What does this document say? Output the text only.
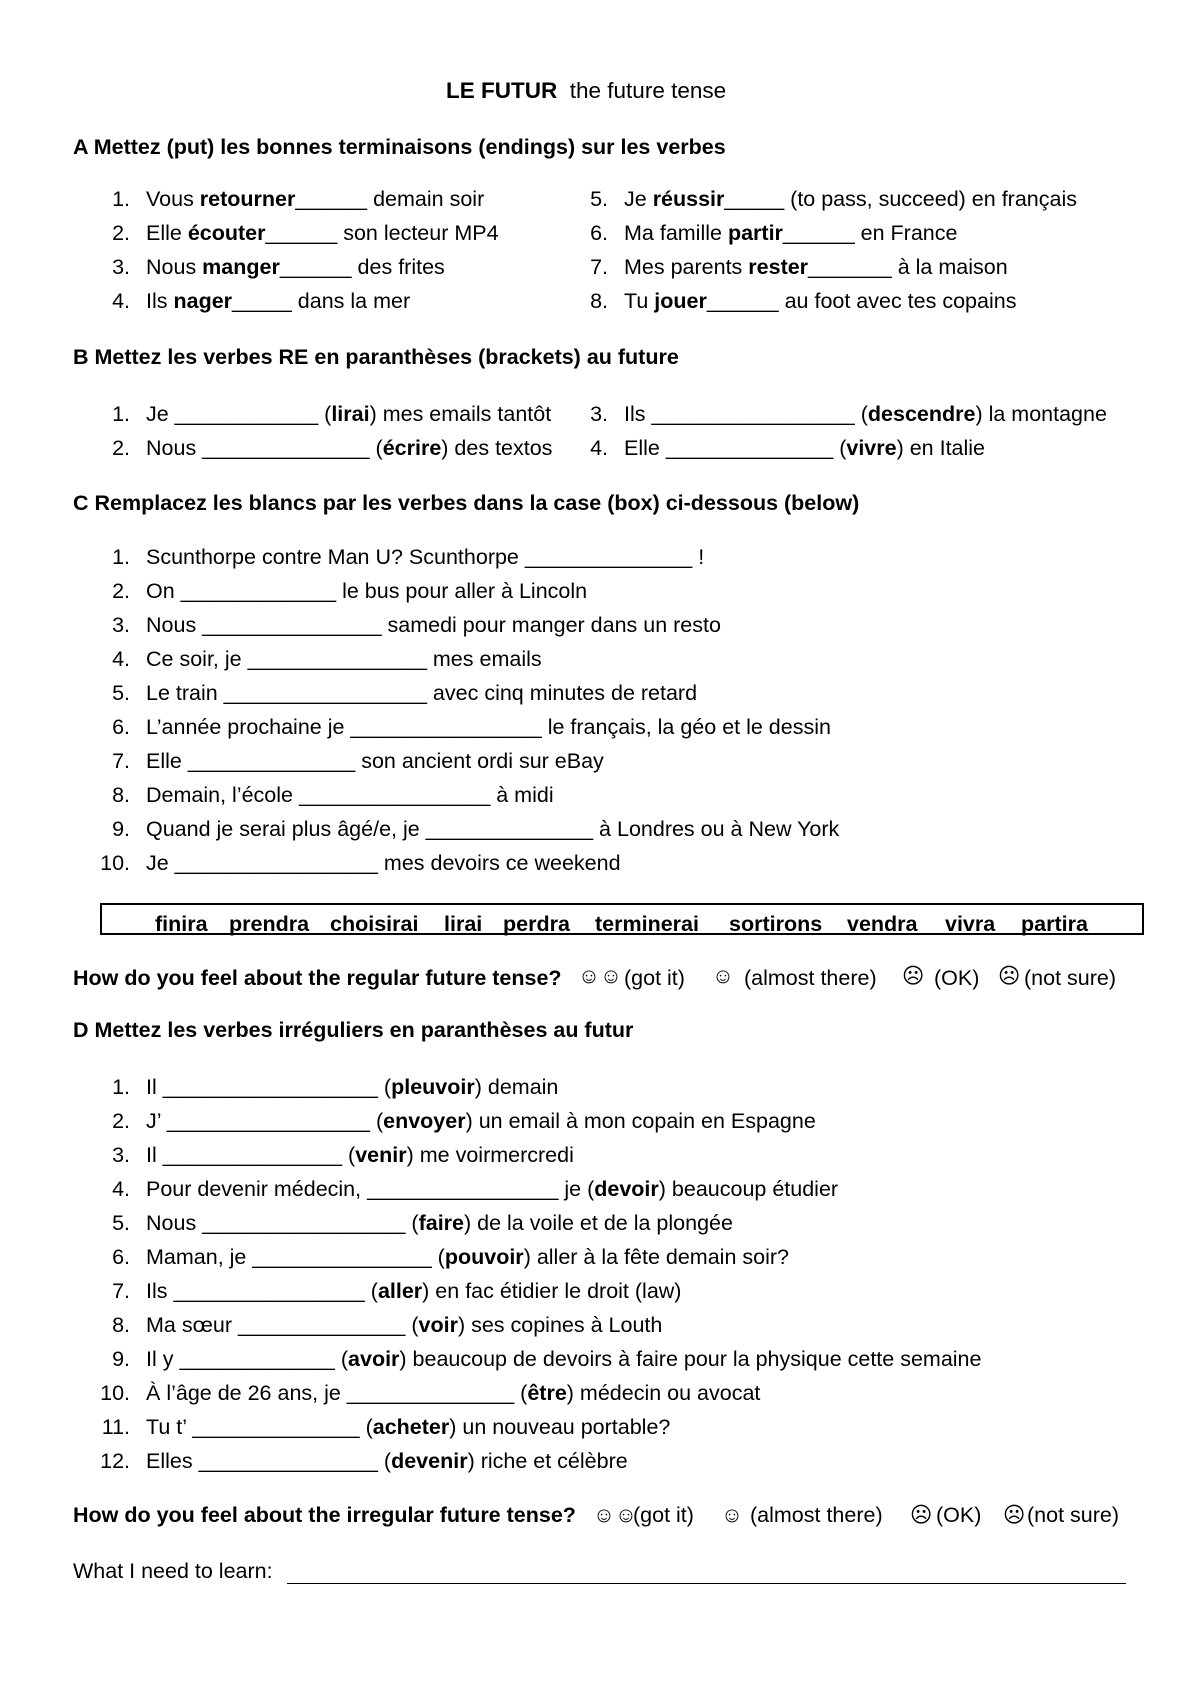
LE FUTUR the future tense
A Mettez (put) les bonnes terminaisons (endings) sur les verbes
1. Vous retourner______ demain soir
2. Elle écouter______ son lecteur MP4
3. Nous manger______ des frites
4. Ils nager_____ dans la mer
5. Je réussir_____ (to pass, succeed) en français
6. Ma famille partir______ en France
7. Mes parents rester_______ à la maison
8. Tu jouer______ au foot avec tes copains
B Mettez les verbes RE en paranthèses (brackets) au future
1. Je ____________ (lirai) mes emails tantôt
2. Nous ______________ (écrire) des textos
3. Ils _________________ (descendre) la montagne
4. Elle ______________ (vivre) en Italie
C Remplacez les blancs par les verbes dans la case (box) ci-dessous (below)
1. Scunthorpe contre Man U? Scunthorpe ______________ !
2. On _____________ le bus pour aller à Lincoln
3. Nous _______________ samedi pour manger dans un resto
4. Ce soir, je _______________ mes emails
5. Le train _________________ avec cinq minutes de retard
6. L’année prochaine je ________________ le français, la géo et le dessin
7. Elle ______________ son ancient ordi sur eBay
8. Demain, l’école ________________ à midi
9. Quand je serai plus âgé/e, je ______________ à Londres ou à New York
10. Je _________________ mes devoirs ce weekend
finira prendra choisirai lirai perdra terminerai sortirons vendra vivra partira
How do you feel about the regular future tense? ☺☺ (got it) ☺ (almost there) ☹ (OK) ☹ (not sure)
D Mettez les verbes irréguliers en paranthèses au futur
1. Il __________________ (pleuvoir) demain
2. J’ _________________ (envoyer) un email à mon copain en Espagne
3. Il _______________ (venir) me voirmercredi
4. Pour devenir médecin, ________________ je (devoir) beaucoup étudier
5. Nous _________________ (faire) de la voile et de la plongée
6. Maman, je _______________ (pouvoir) aller à la fête demain soir?
7. Ils ________________ (aller) en fac étidier le droit (law)
8. Ma sœur ______________ (voir) ses copines à Louth
9. Il y _____________ (avoir) beaucoup de devoirs à faire pour la physique cette semaine
10. À l’âge de 26 ans, je ______________ (être) médecin ou avocat
11. Tu t’ ______________ (acheter) un nouveau portable?
12. Elles _______________ (devenir) riche et célèbre
How do you feel about the irregular future tense? ☺☺
(got it) ☺ (almost there) ☹ (OK) ☹ (not sure)
What I need to learn:
